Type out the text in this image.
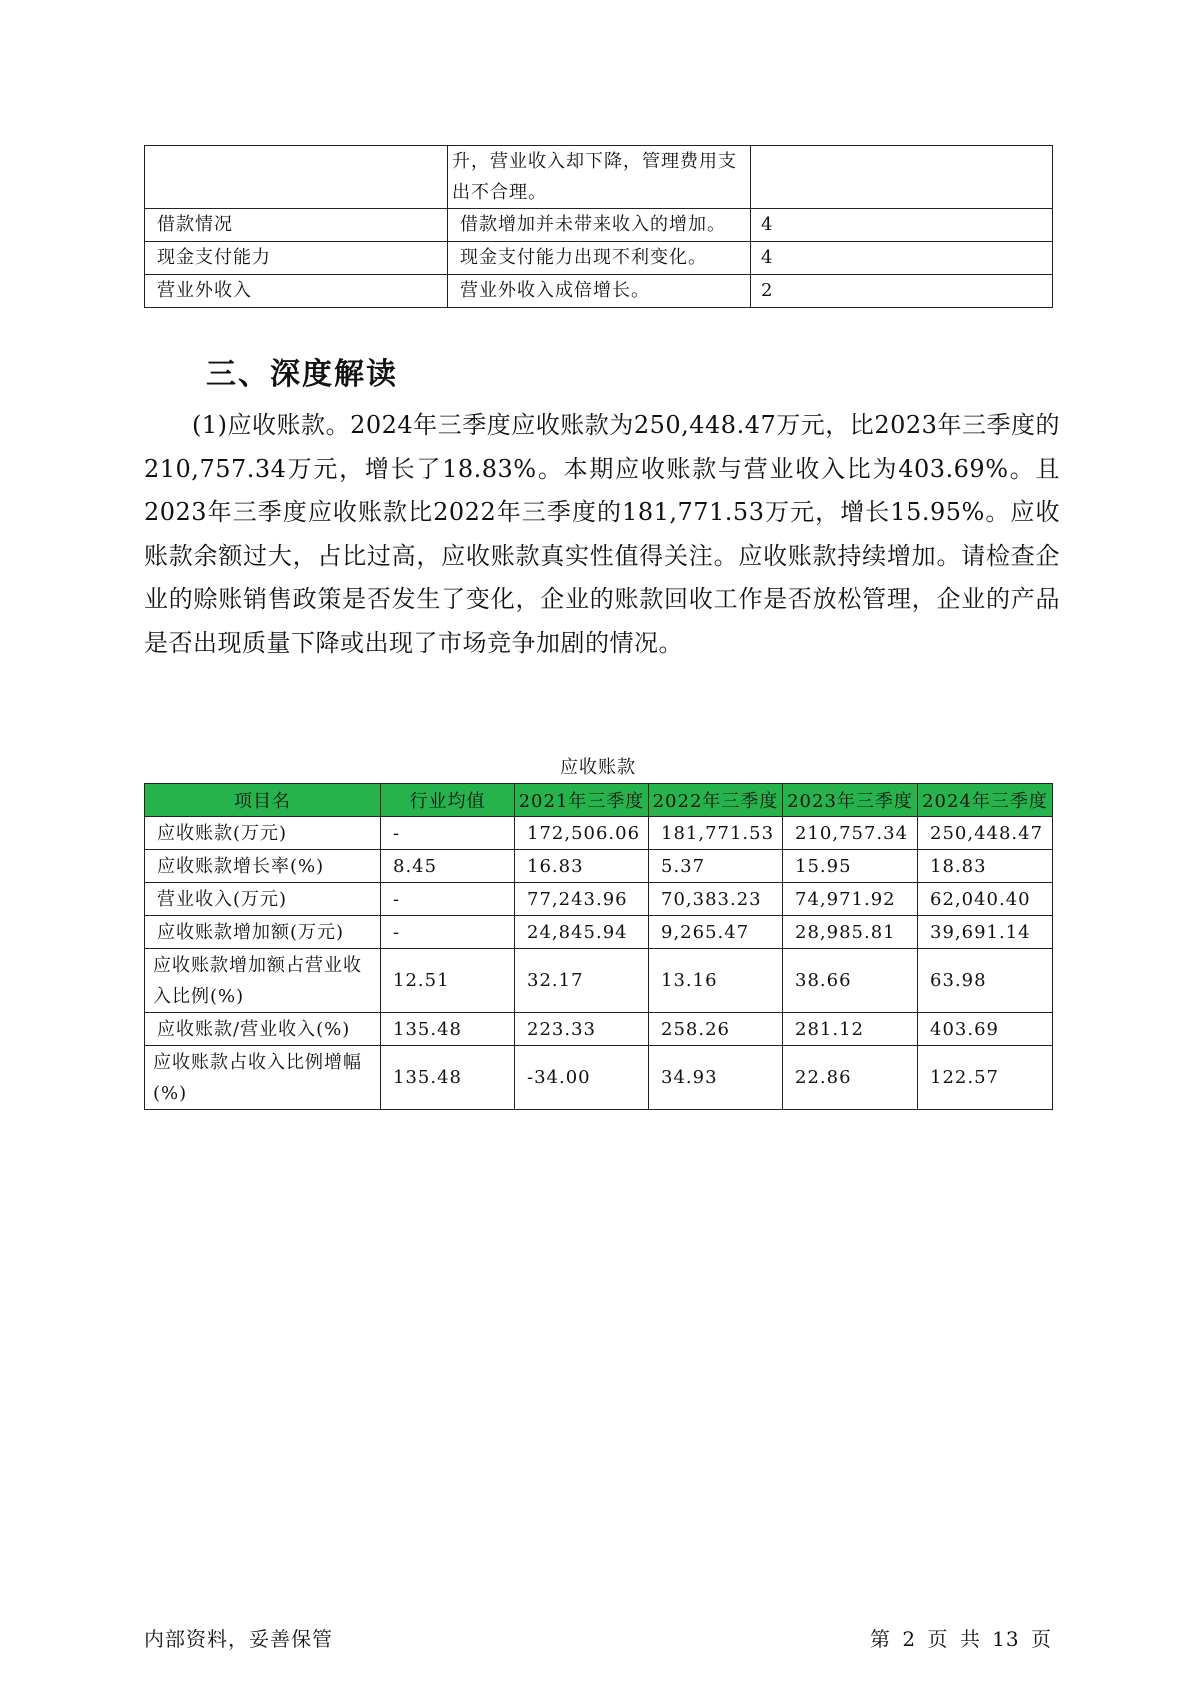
	升，营业收入却下降，管理费用支出不合理。	
借款情况	借款增加并未带来收入的增加。	4
现金支付能力	现金支付能力出现不利变化。	4
营业外收入	营业外收入成倍增长。	2
三、深度解读

(1)应收账款。2024年三季度应收账款为250,448.47万元，比2023年三季度的210,757.34万元，增长了18.83%。本期应收账款与营业收入比为403.69%。且2023年三季度应收账款比2022年三季度的181,771.53万元，增长15.95%。应收账款余额过大，占比过高，应收账款真实性值得关注。应收账款持续增加。请检查企业的赊账销售政策是否发生了变化，企业的账款回收工作是否放松管理，企业的产品是否出现质量下降或出现了市场竞争加剧的情况。

应收账款
项目名	行业均值	2021年三季度	2022年三季度	2023年三季度	2024年三季度
应收账款(万元)	-	172,506.06	181,771.53	210,757.34	250,448.47
应收账款增长率(%)	8.45	16.83	5.37	15.95	18.83
营业收入(万元)	-	77,243.96	70,383.23	74,971.92	62,040.40
应收账款增加额(万元)	-	24,845.94	9,265.47	28,985.81	39,691.14
应收账款增加额占营业收入比例(%)	12.51	32.17	13.16	38.66	63.98
应收账款/营业收入(%)	135.48	223.33	258.26	281.12	403.69
应收账款占收入比例增幅(%)	135.48	-34.00	34.93	22.86	122.57
内部资料，妥善保管	第 2 页 共 13 页
